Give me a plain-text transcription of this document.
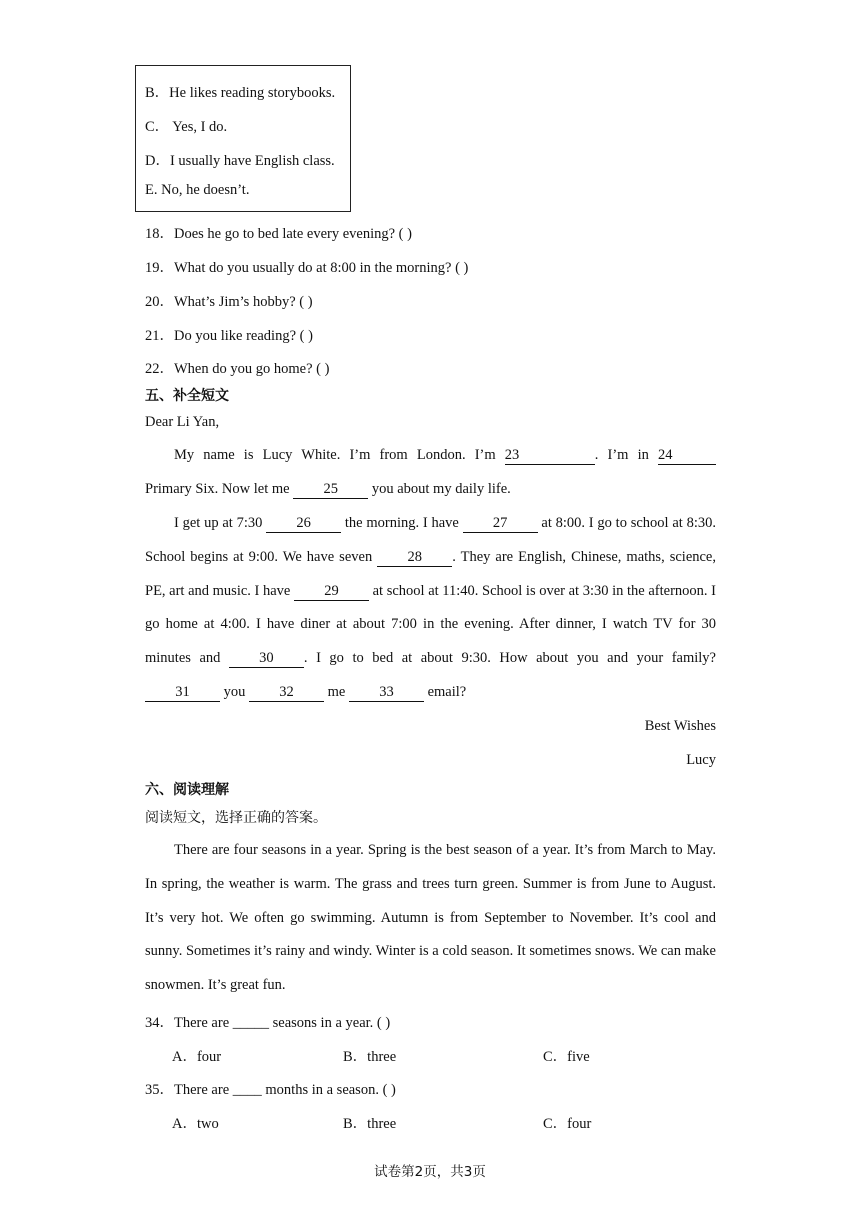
B．He likes reading storybooks.
C． Yes, I do.
D．I usually have English class.
E. No, he doesn’t.
18．Does he go to bed late every evening? ( )
19．What do you usually do at 8:00 in the morning? ( )
20．What’s Jim’s hobby? ( )
21．Do you like reading? ( )
22．When do you go home? ( )
五、补全短文
Dear Li Yan,

My name is Lucy White. I’m from London. I’m 23	. I’m in 24

Primary Six. Now let me 25 you about my daily life.

I get up at 7:30 26 the morning. I have 27 at 8:00. I go to school at 8:30. School begins at 9:00. We have seven 28 . They are English, Chinese, maths, science, PE, art and music. I have 29 at school at 11:40. School is over at 3:30 in the afternoon. I go home at 4:00. I have diner at about 7:00 in the evening. After dinner, I watch TV for 30 minutes and 30 . I go to bed at about 9:30. How about you and your family? 31 you 32 me 33 email?

Best Wishes
Lucy
六、阅读理解
阅读短文，选择正确的答案。

There are four seasons in a year. Spring is the best season of a year. It’s from March to May. In spring, the weather is warm. The grass and trees turn green. Summer is from June to August. It’s very hot. We often go swimming. Autumn is from September to November. It’s cool and sunny. Sometimes it’s rainy and windy. Winter is a cold season. It sometimes snows. We can make snowmen. It’s great fun.

34．There are _____ seasons in a year. ( )
A．four	B．three	C．five
35．There are ____ months in a season. ( )
A．two	B．three	C．four
试卷第2页，共3页
